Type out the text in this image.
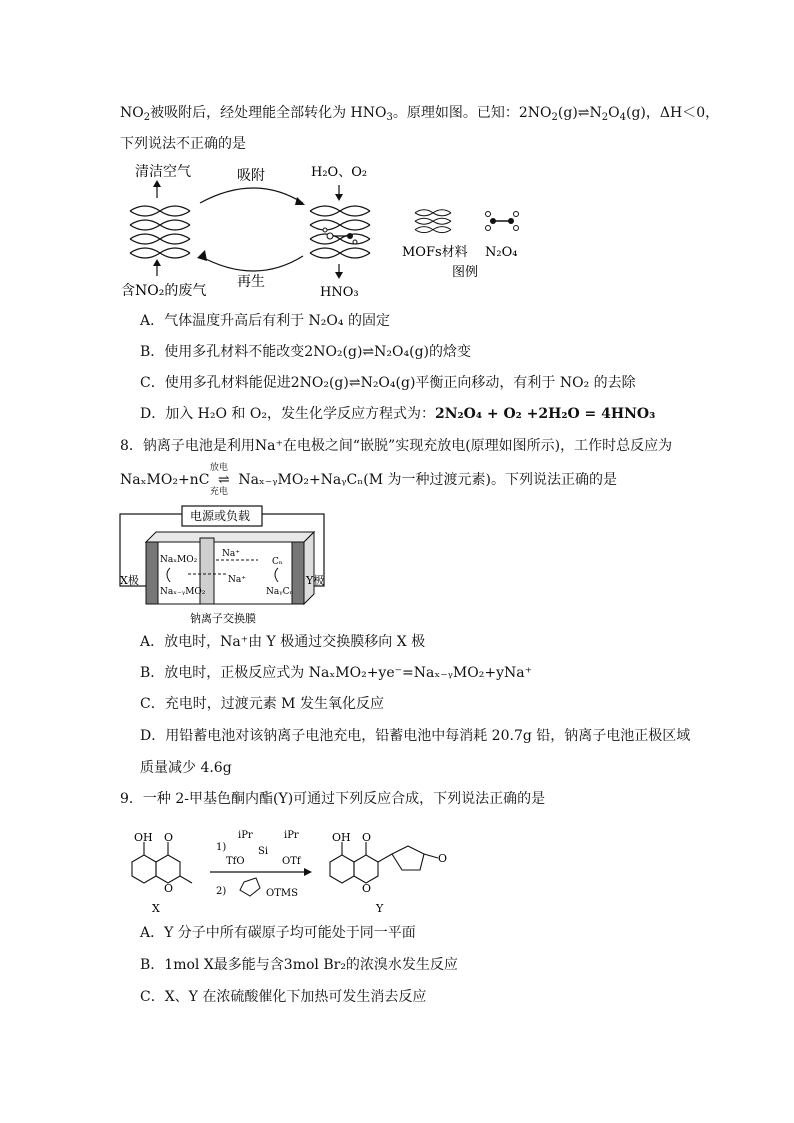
$NO_2$被吸附后，经处理能全部转化为 $HNO_3$。原理如图。已知：$2NO_2(g)\rightleftharpoons N_2O_4(g)$，ΔH＜0，
下列说法不正确的是
清洁空气
含NO₂的废气
吸附
再生
H₂O、O₂
HNO₃
MOFs材料 N₂O₄
图例
A．气体温度升高后有利于 N₂O₄ 的固定
B．使用多孔材料不能改变2NO₂(g)⇌N₂O₄(g)的焓变
C．使用多孔材料能促进2NO₂(g)⇌N₂O₄(g)平衡正向移动，有利于 NO₂ 的去除
D．加入 H₂O 和 O₂，发生化学反应方程式为：2N₂O₄ + O₂ +2H₂O = 4HNO₃
8．钠离子电池是利用Na⁺在电极之间“嵌脱”实现充放电(原理如图所示)，工作时总反应为
NaₓMO₂+nC
放电
⇌
充电
Naₓ₋ᵧMO₂+NaᵧCₙ(M 为一种过渡元素)。下列说法正确的是
电源或负载
NaₓMO₂
Naₓ₋ᵧMO₂
Cₙ
NaᵧCₙ
Na⁺
Na⁺
X极	Y极
钠离子交换膜
A．放电时，Na⁺由 Y 极通过交换膜移向 X 极
B．放电时，正极反应式为 NaₓMO₂+ye⁻=Naₓ₋ᵧMO₂+yNa⁺
C．充电时，过渡元素 M 发生氧化反应
D．用铅蓄电池对该钠离子电池充电，铅蓄电池中每消耗 20.7g 铅，钠离子电池正极区域
质量减少 4.6g
9．一种 2-甲基色酮内酯(Y)可通过下列反应合成，下列说法正确的是
OH O
O
X
iPr	iPr
Si
1)
TfO	OTf
2)	OTMS
OH O
O
O
Y
A．Y 分子中所有碳原子均可能处于同一平面
B．1mol X最多能与含3mol Br₂的浓溴水发生反应
C．X、Y 在浓硫酸催化下加热可发生消去反应
